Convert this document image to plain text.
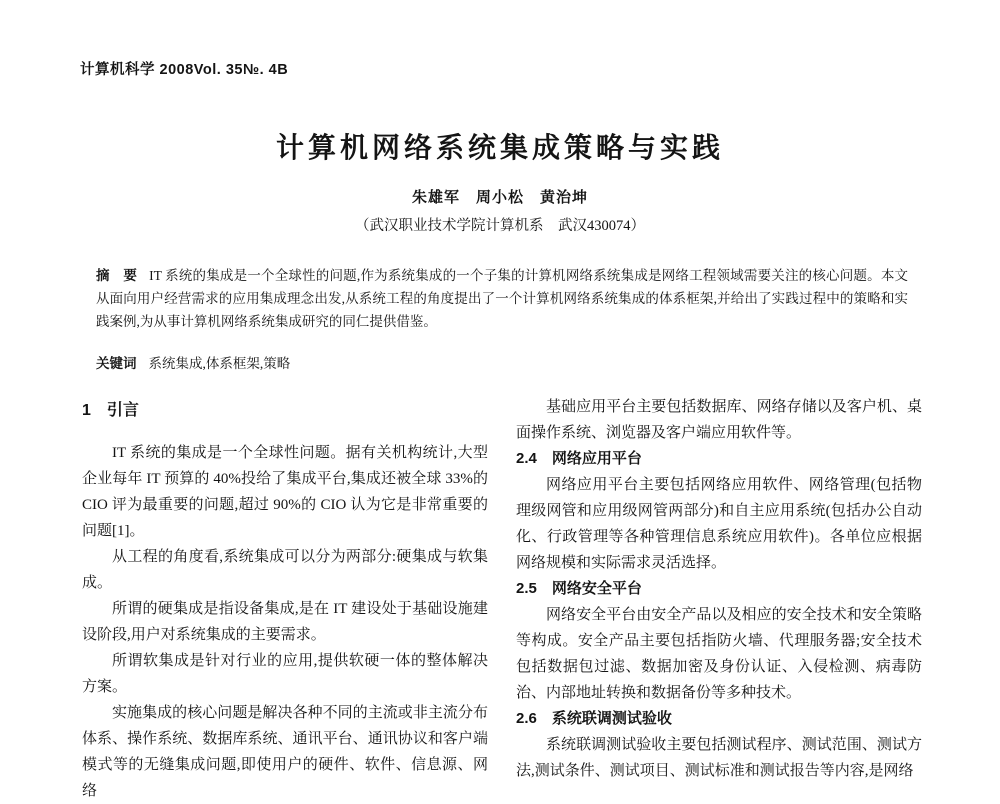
计算机科学 2008Vol. 35№. 4B
计算机网络系统集成策略与实践
朱雄军　周小松　黄治坤
（武汉职业技术学院计算机系　武汉430074）
摘　要 IT 系统的集成是一个全球性的问题,作为系统集成的一个子集的计算机网络系统集成是网络工程领域需要关注的核心问题。本文从面向用户经营需求的应用集成理念出发,从系统工程的角度提出了一个计算机网络系统集成的体系框架,并给出了实践过程中的策略和实践案例,为从事计算机网络系统集成研究的同仁提供借鉴。
关键词 系统集成,体系框架,策略
1　引言

IT 系统的集成是一个全球性问题。据有关机构统计,大型企业每年 IT 预算的 40%投给了集成平台,集成还被全球 33%的 CIO 评为最重要的问题,超过 90%的 CIO 认为它是非常重要的问题[1]。

从工程的角度看,系统集成可以分为两部分:硬集成与软集成。

所谓的硬集成是指设备集成,是在 IT 建设处于基础设施建设阶段,用户对系统集成的主要需求。

所谓软集成是针对行业的应用,提供软硬一体的整体解决方案。

实施集成的核心问题是解决各种不同的主流或非主流分布体系、操作系统、数据库系统、通讯平台、通讯协议和客户端模式等的无缝集成问题,即使用户的硬件、软件、信息源、网络

基础应用平台主要包括数据库、网络存储以及客户机、桌面操作系统、浏览器及客户端应用软件等。

2.4　网络应用平台

网络应用平台主要包括网络应用软件、网络管理(包括物理级网管和应用级网管两部分)和自主应用系统(包括办公自动化、行政管理等各种管理信息系统应用软件)。各单位应根据网络规模和实际需求灵活选择。

2.5　网络安全平台

网络安全平台由安全产品以及相应的安全技术和安全策略等构成。安全产品主要包括指防火墙、代理服务器;安全技术包括数据包过滤、数据加密及身份认证、入侵检测、病毒防治、内部地址转换和数据备份等多种技术。

2.6　系统联调测试验收

系统联调测试验收主要包括测试程序、测试范围、测试方法,测试条件、测试项目、测试标准和测试报告等内容,是网络
